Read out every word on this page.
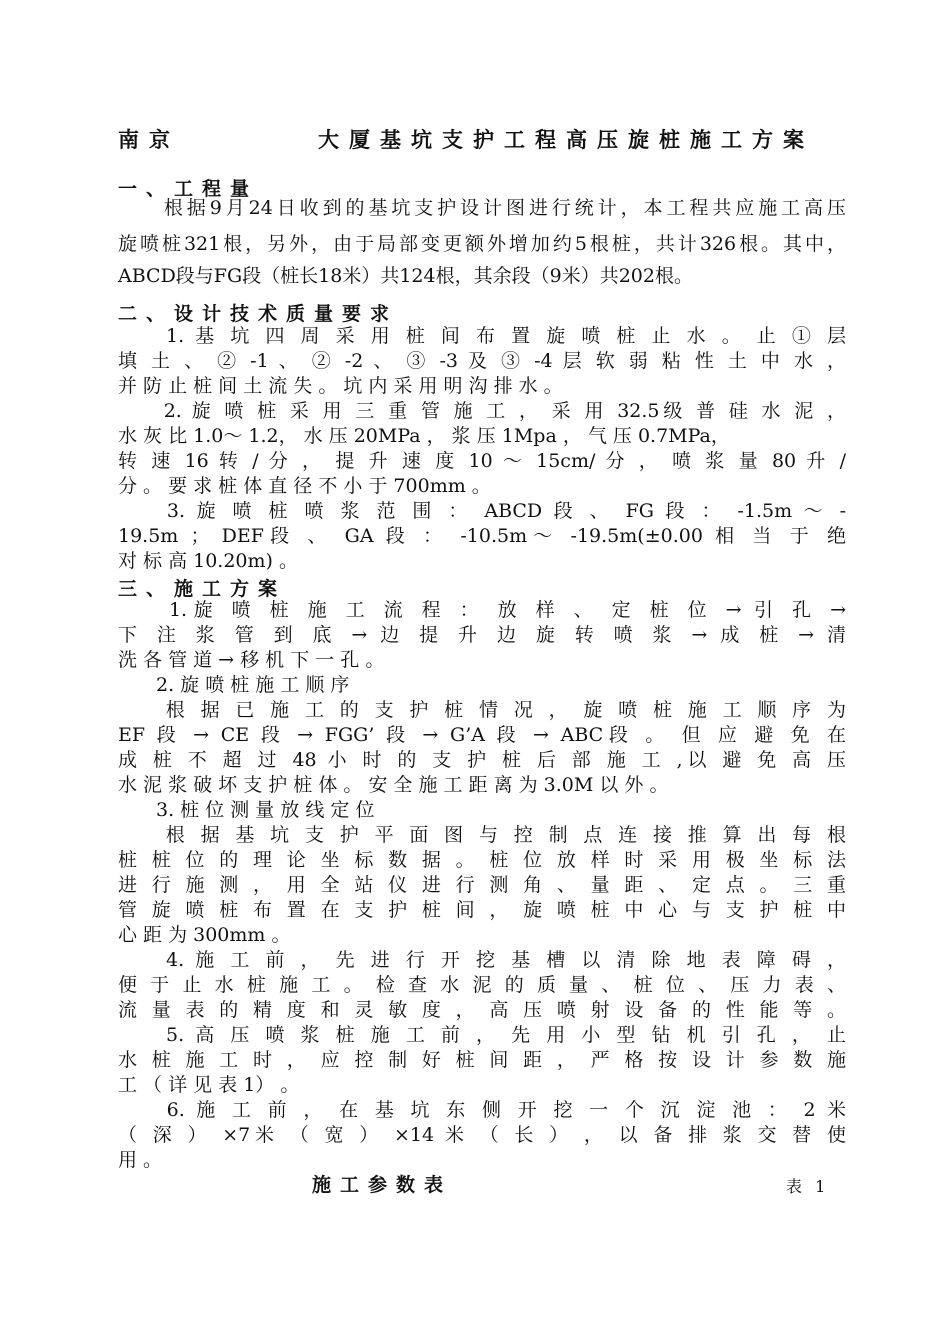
南京	大厦基坑支护工程高压旋桩施工方案
一、工程量
　　根据9月24日收到的基坑支护设计图进行统计，本工程共应施工高压
旋喷桩321根，另外，由于局部变更额外增加约5根桩，共计326根。其中，
ABCD段与FG段（桩长18米）共124根，其余段（9米）共202根。
二、设计技术质量要求
　　1. 基 坑 四 周 采 用 桩 间 布 置 旋 喷 桩 止 水 。 止 ① 层
填 土 、 ② -1 、 ② -2 、 ③ -3 及 ③ -4 层 软 弱 粘 性 土 中 水 ，
并 防 止 桩 间 土 流 失 。 坑 内 采 用 明 沟 排 水 。
　　2. 旋 喷 桩 采 用 三 重 管 施 工 ， 采 用 32.5级 普 硅 水 泥 ，
水 灰 比 1.0～ 1.2， 水 压 20MPa ， 浆 压 1Mpa ， 气 压 0.7MPa，
转 速 16 转 / 分 ， 提 升 速 度 10 ～ 15cm/ 分 ， 喷 浆 量 80 升 /
分 。 要 求 桩 体 直 径 不 小 于 700mm 。
　　3. 旋 喷 桩 喷 浆 范 围 ： ABCD 段 、 FG 段 ： -1.5m ～ -
19.5m ； DEF段 、 GA 段 ： -10.5m～ -19.5m(±0.00 相 当 于 绝
对 标 高 10.20m) 。
三、施工方案
　　1.旋 喷 桩 施 工 流 程 ： 放 样 、 定 桩 位 → 引 孔 →
下 注 浆 管 到 底 → 边 提 升 边 旋 转 喷 浆 → 成 桩 → 清
洗 各 管 道 → 移 机 下 一 孔 。
　　2. 旋 喷 桩 施 工 顺 序
　　根 据 已 施 工 的 支 护 桩 情 况 ， 旋 喷 桩 施 工 顺 序 为
EF 段 → CE 段 → FGG’ 段 → G’A 段 → ABC段 。 但 应 避 免 在
成 桩 不 超 过 48 小 时 的 支 护 桩 后 部 施 工 ,以 避 免 高 压
水 泥 浆 破 坏 支 护 桩 体 。 安 全 施 工 距 离 为 3.0M 以 外 。
　　3. 桩 位 测 量 放 线 定 位
　　根 据 基 坑 支 护 平 面 图 与 控 制 点 连 接 推 算 出 每 根
桩 桩 位 的 理 论 坐 标 数 据 。 桩 位 放 样 时 采 用 极 坐 标 法
进 行 施 测 ， 用 全 站 仪 进 行 测 角 、 量 距 、 定 点 。 三 重
管 旋 喷 桩 布 置 在 支 护 桩 间 ， 旋 喷 桩 中 心 与 支 护 桩 中
心 距 为 300mm 。
　　4. 施 工 前 ， 先 进 行 开 挖 基 槽 以 清 除 地 表 障 碍 ，
便 于 止 水 桩 施 工 。 检 查 水 泥 的 质 量 、 桩 位 、 压 力 表 、
流 量 表 的 精 度 和 灵 敏 度 ， 高 压 喷 射 设 备 的 性 能 等 。
　　5. 高 压 喷 浆 桩 施 工 前 ， 先 用 小 型 钻 机 引 孔 ， 止
水 桩 施 工 时 ， 应 控 制 好 桩 间 距 ， 严 格 按 设 计 参 数 施
工 （ 详 见 表 1） 。
　　6. 施 工 前 ， 在 基 坑 东 侧 开 挖 一 个 沉 淀 池 ： 2 米
（ 深 ） ×7米 （ 宽 ） ×14 米 （ 长 ） ， 以 备 排 浆 交 替 使
用 。
施工参数表	表 1
